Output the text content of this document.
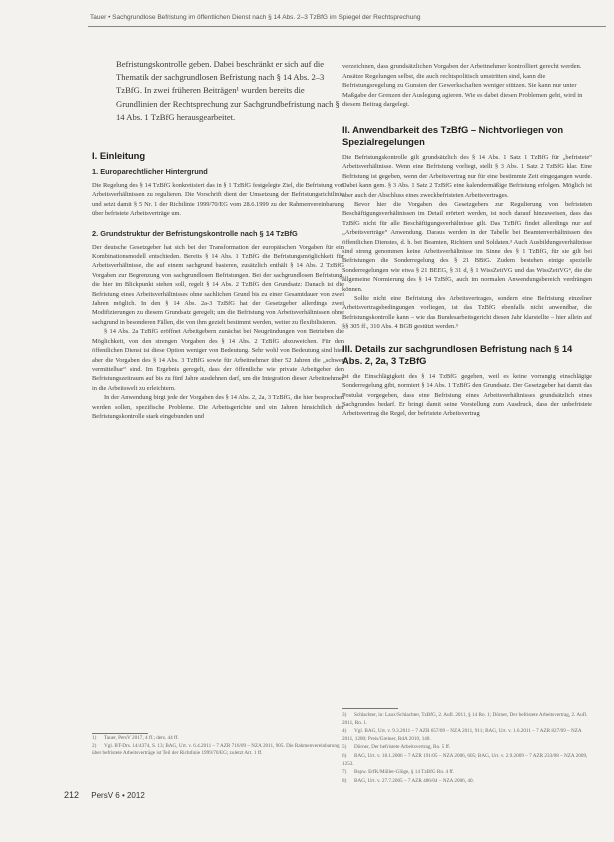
Tauer • Sachgrundlose Befristung im öffentlichen Dienst nach § 14 Abs. 2–3 TzBfG im Spiegel der Rechtsprechung

Befristungskontrolle geben. Dabei beschränkt er sich auf die Thematik der sachgrundlosen Befristung nach § 14 Abs. 2–3 TzBfG. In zwei früheren Beiträgen¹ wurden bereits die Grundlinien der Rechtsprechung zur Sachgrundbefristung nach § 14 Abs. 1 TzBfG herausgearbeitet.

I. Einleitung
1. Europarechtlicher Hintergrund

Die Regelung des § 14 TzBfG konkretisiert das in § 1 TzBfG festgelegte Ziel, die Befristung von Arbeitsverhältnissen zu regulieren. Die Vorschrift dient der Umsetzung der Befristungsrichtlinie und setzt damit § 5 Nr. 1 der Richtlinie 1999/70/EG vom 28.6.1999 zu der Rahmenvereinbarung über befristete Arbeitsverträge um.

2. Grundstruktur der Befristungskontrolle nach § 14 TzBfG

Der deutsche Gesetzgeber hat sich bei der Transformation der europäischen Vorgaben für ein Kombinationsmodell entschieden. Bereits § 14 Abs. 1 TzBfG die Befristungsmöglichkeit für Arbeitsverhältnisse, die auf einem sachgrund basieren, zusätzlich enthält § 14 Abs. 2 TzBfG Vorgaben zur Begrenzung von sachgrundlosen Befristungen. Bei der sachgrundlosen Befristung, die hier im Blickpunkt stehen soll, regelt § 14 Abs. 2 TzBfG den Grundsatz: Danach ist die Befristung eines Arbeitsverhältnisses ohne sachlichen Grund bis zu einer Gesamtdauer von zwei Jahren möglich. In den § 14 Abs. 2a-3 TzBfG hat der Gesetzgeber allerdings zwei Modifizierungen zu diesem Grundsatz geregelt; um die Befristung von Arbeitsverhältnissen ohne sachgrund in besonderen Fällen, die von ihm gezielt bestimmt werden, weiter zu flexibilisieren.

§ 14 Abs. 2a TzBfG eröffnet Arbeitgebern zunächst bei Neugründungen von Betrieben die Möglichkeit, von den strengen Vorgaben des § 14 Abs. 2 TzBfG abzuweichen. Für den öffentlichen Dienst ist diese Option weniger von Bedeutung. Sehr wohl von Bedeutung sind hier aber die Vorgaben des § 14 Abs. 3 TzBfG sowie für Arbeitnehmer über 52 Jahren die „schwer vermittelbar“ sind. Im Ergebnis geregelt, dass der öffentliche wie private Arbeitgeber den Befristungszeitraum auf bis zu fünf Jahre ausdehnen darf, um die Integration dieser Arbeitnehmer in die Arbeitswelt zu erleichtern.

In der Anwendung birgt jede der Vorgaben des § 14 Abs. 2, 2a, 3 TzBfG, die hier besprochen werden sollen, spezifische Probleme. Die Arbeitsgerichte und ein Jahren hinsichtlich der Befristungskontrolle stark eingebunden und

1) Tauer, PersV 2017, 4 ff.; ders. 44 ff.

2) Vgl. BT-Drs. 14/4374, S. 13; BAG, Urt. v. 6.4.2011 – 7 AZR 716/09 – NZA 2011, 905. Die Rahmenvereinbarung über befristete Arbeitsverträge ist Teil der Richtlinie 1999/70/EG; zuletzt Art. 1 ff.

verzeichnen, dass grundsätzlichen Vorgaben der Arbeitnehmer kontrolliert gerecht werden. Ansätze Regelungen selbst, die auch rechtspolitisch umstritten sind, kann die Befristungsregelung zu Gunsten der Gewerkschaften weniger stützen. Sie kann nur unter Maßgabe der Grenzen der Auslegung agieren. Wie es dabei diesen Problemen geht, wird in diesem Beitrag dargelegt.

II. Anwendbarkeit des TzBfG – Nichtvorliegen von Spezialregelungen

Die Befristungskontrolle gilt grundsätzlich des § 14 Abs. 1 Satz 1 TzBfG für „befristete“ Arbeitsverhältnisse. Wenn eine Befristung vorliegt, stellt § 3 Abs. 1 Satz 2 TzBfG klar. Eine Befristung ist gegeben, wenn der Arbeitsvertrag nur für eine bestimmte Zeit eingegangen wurde. Dabei kann gem. § 3 Abs. 1 Satz 2 TzBfG eine kalendermäßige Befristung erfolgen. Möglich ist aber auch der Abschluss eines zweckbefristeten Arbeitsvertrages.

Bevor hier die Vorgaben des Gesetzgebers zur Regulierung von befristeten Beschäftigungsverhältnissen im Detail erörtert werden, ist noch darauf hinzuweisen, dass das TzBfG nicht für alle Beschäftigungsverhältnisse gilt. Das TzBfG findet allerdings nur auf „Arbeitsverträge“ Anwendung. Daraus werden in der Tabelle bei Beamtenverhältnissen des öffentlichen Dienstes, d. h. bei Beamten, Richtern und Soldaten.³ Auch Ausbildungsverhältnisse sind streng genommen keine Arbeitsverhältnisse im Sinne des § 1 TzBfG, für sie gilt bei Befristungen die Sonderregelung des § 21 BBiG. Zudem bestehen einige spezielle Sonderregelungen wie etwa § 21 BEEG, § 31 d, § 1 WissZeitVG und das WissZeitVG⁴, die die allgemeine Normierung des § 14 TzBfG, auch im normalen Anwendungsbereich verdrängen können.

Sollte nicht eine Befristung des Arbeitsvertrages, sondern eine Befristung einzelner Arbeitsvertragsbedingungen vorliegen, ist das TzBfG ebenfalls nicht anwendbar, die Befristungskontrolle kann – wie das Bundesarbeitsgericht diesen Jahr klarstellte – hier allein auf §§ 305 ff., 310 Abs. 4 BGB gestützt werden.⁵

III. Details zur sachgrundlosen Befristung nach § 14 Abs. 2, 2a, 3 TzBfG

Ist die Einschlägigkeit des § 14 TzBfG gegeben, weil es keine vorrangig einschlägige Sonderregelung gibt, normiert § 14 Abs. 1 TzBfG den Grundsatz. Der Gesetzgeber hat damit das Postulat vorgegeben, dass eine Befristung eines Arbeitsverhältnisses grundsätzlich eines Sachgrundes bedarf. Er bringt damit seine Vorstellung zum Ausdruck, dass der unbefristete Arbeitsvertrag die Regel, der befristete Arbeitsvertrag

3) Schlachter, in: Laux/Schlachter, TzBfG, 2. Aufl. 2011, § 14 Rn. 1; Dörner, Der befristete Arbeitsvertrag, 2. Aufl. 2011, Rn. 1.

4) Vgl. BAG, Urt. v. 9.3.2011 – 7 AZR 657/09 – NZA 2011, 911; BAG, Urt. v. 1.6.2011 – 7 AZR 827/09 – NZA 2011, 1280; Preis/Greiner, RdA 2010, 148.

5) Dörner, Der befristete Arbeitsvertrag, Rn. 5 ff.

6) BAG, Urt. v. 18.1.2006 – 7 AZR 191/05 – NZA 2006, 605; BAG, Urt. v. 2.9.2009 – 7 AZR 233/08 – NZA 2009, 1253.

7) Bspw. ErfK/Müller-Glöge, § 14 TzBfG Rn. 4 ff.

8) BAG, Urt. v. 27.7.2005 – 7 AZR 486/04 – NZA 2006, 40.

212 PersV 6 • 2012
